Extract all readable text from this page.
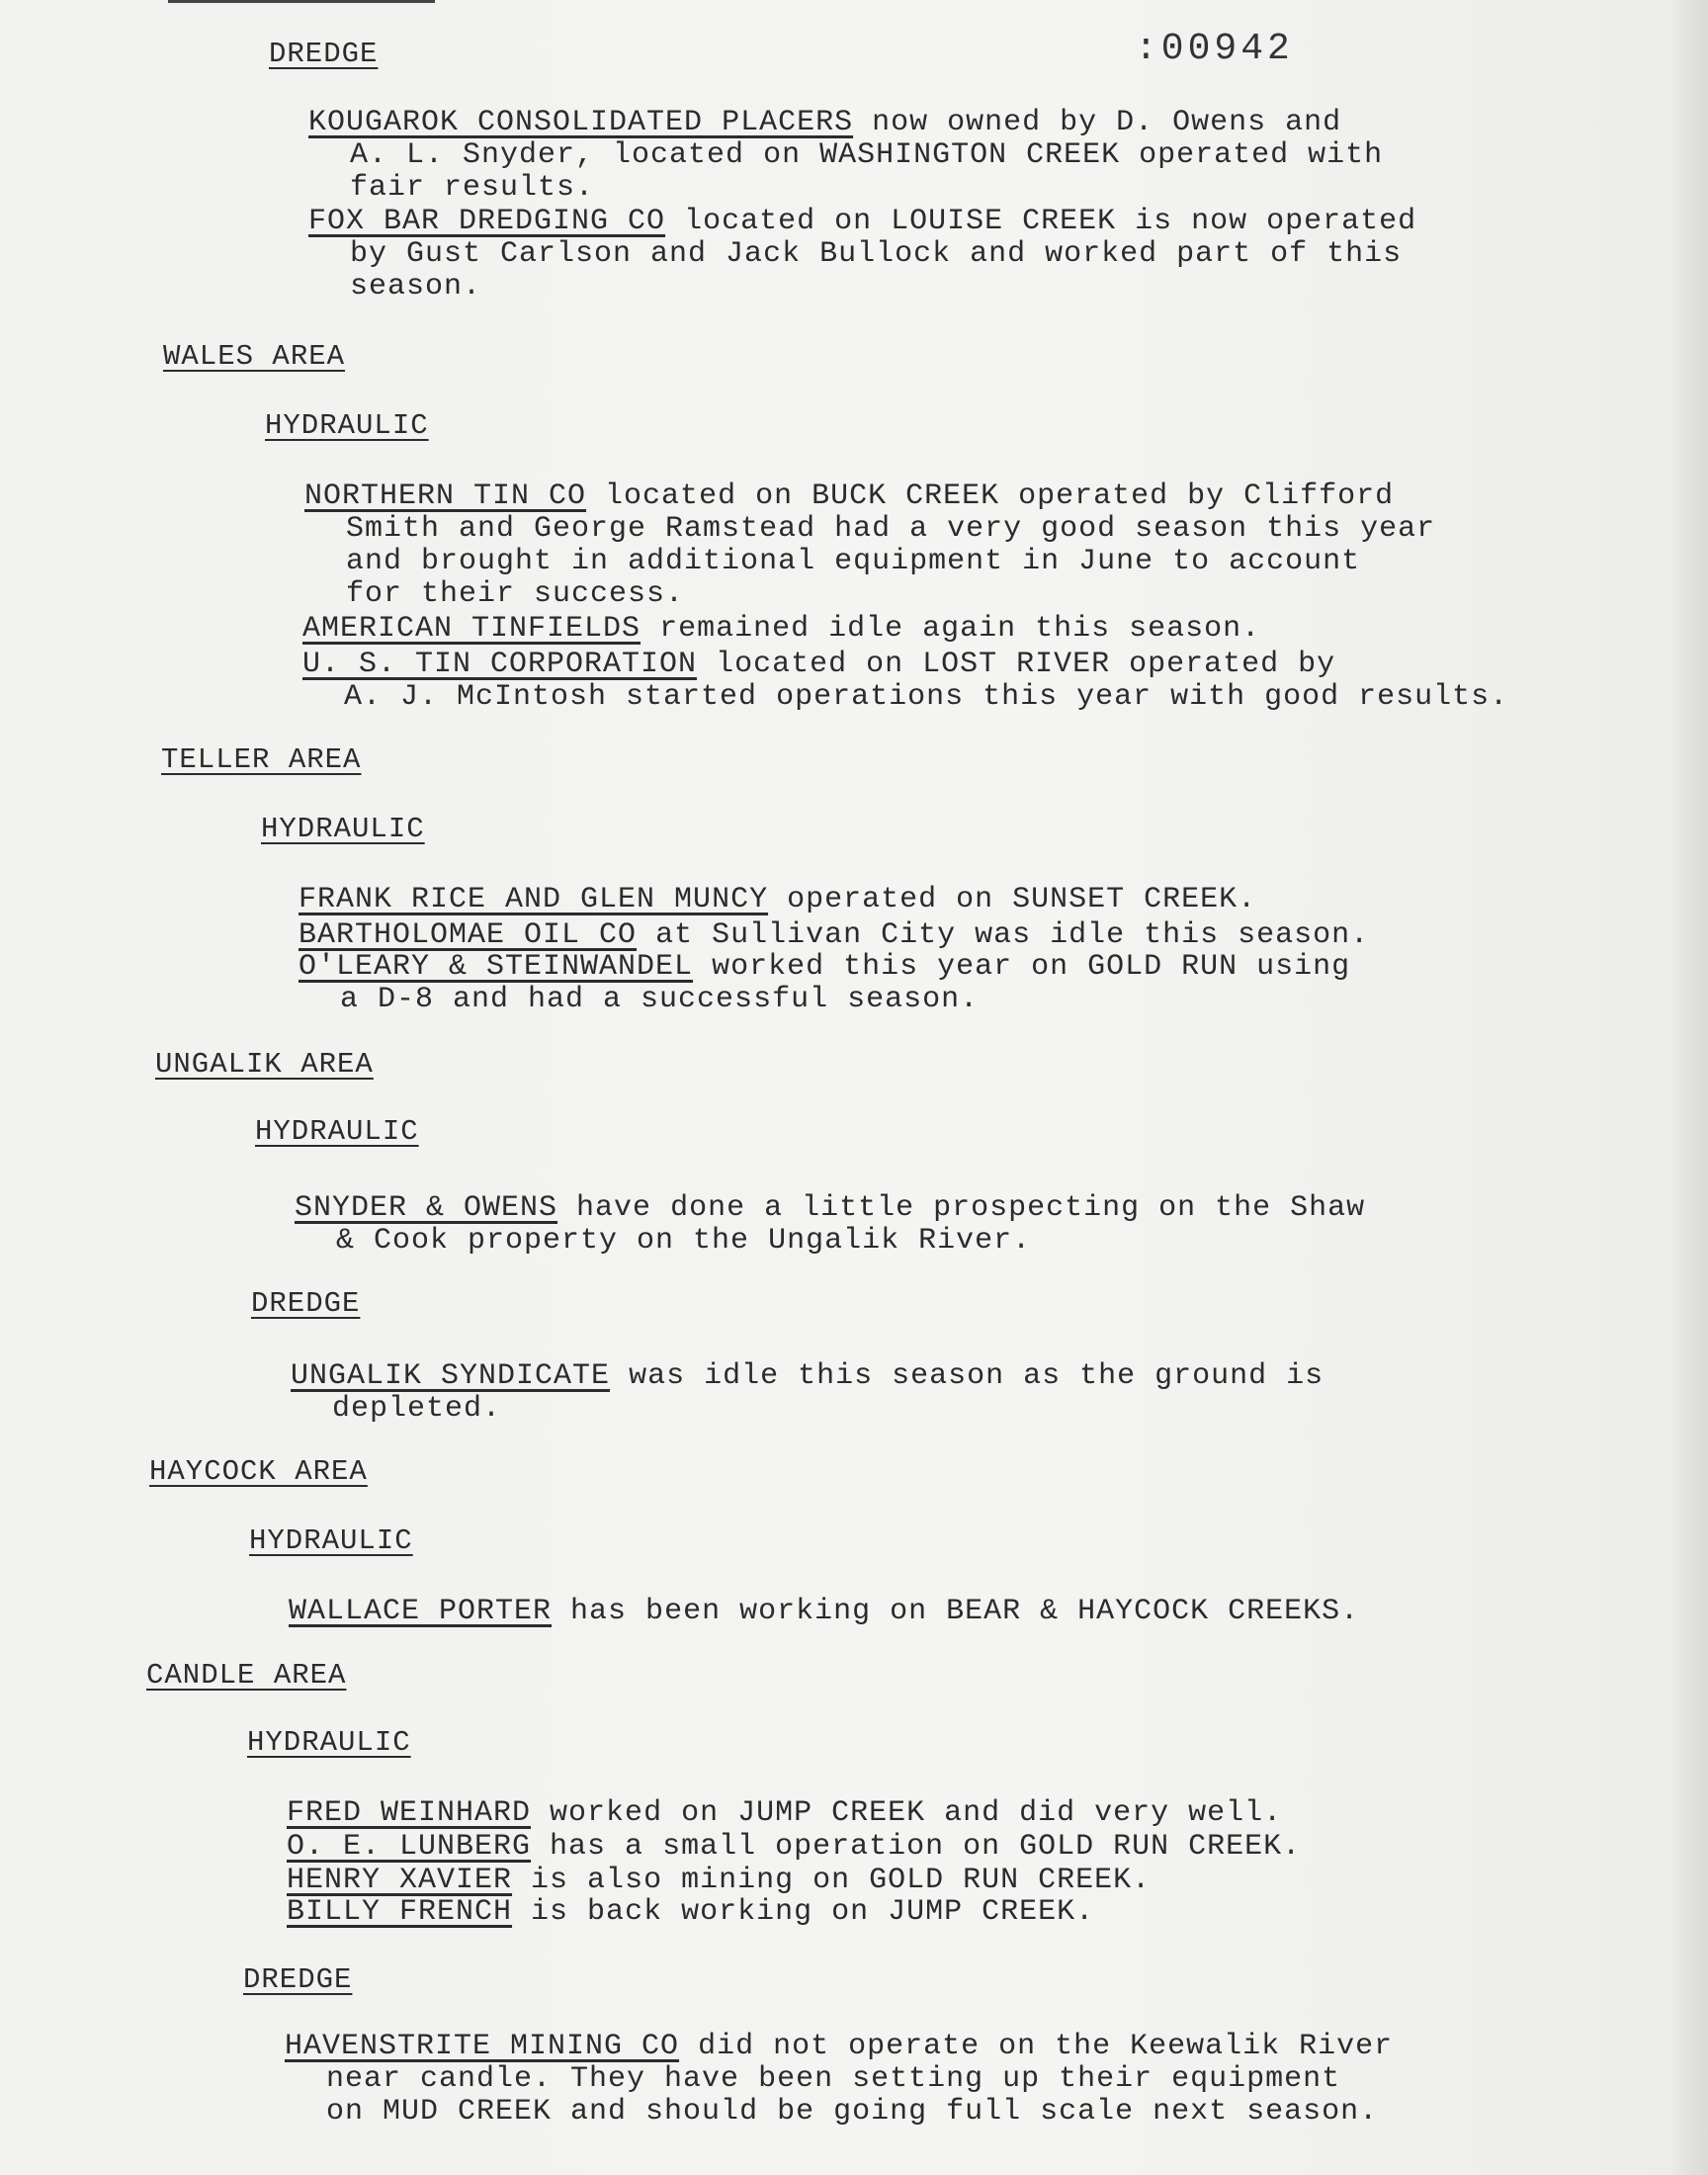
:00942
DREDGE
KOUGAROK CONSOLIDATED PLACERS now owned by D. Owens and
A. L. Snyder, located on WASHINGTON CREEK operated with
fair results.
FOX BAR DREDGING CO located on LOUISE CREEK is now operated
by Gust Carlson and Jack Bullock and worked part of this
season.
WALES AREA
HYDRAULIC
NORTHERN TIN CO located on BUCK CREEK operated by Clifford
Smith and George Ramstead had a very good season this year
and brought in additional equipment in June to account
for their success.
AMERICAN TINFIELDS remained idle again this season.
U. S. TIN CORPORATION located on LOST RIVER operated by
A. J. McIntosh started operations this year with good results.
TELLER AREA
HYDRAULIC
FRANK RICE AND GLEN MUNCY operated on SUNSET CREEK.
BARTHOLOMAE OIL CO at Sullivan City was idle this season.
O'LEARY & STEINWANDEL worked this year on GOLD RUN using
a D-8 and had a successful season.
UNGALIK AREA
HYDRAULIC
SNYDER & OWENS have done a little prospecting on the Shaw
& Cook property on the Ungalik River.
DREDGE
UNGALIK SYNDICATE was idle this season as the ground is
depleted.
HAYCOCK AREA
HYDRAULIC
WALLACE PORTER has been working on BEAR & HAYCOCK CREEKS.
CANDLE AREA
HYDRAULIC
FRED WEINHARD worked on JUMP CREEK and did very well.
O. E. LUNBERG has a small operation on GOLD RUN CREEK.
HENRY XAVIER is also mining on GOLD RUN CREEK.
BILLY FRENCH is back working on JUMP CREEK.
DREDGE
HAVENSTRITE MINING CO did not operate on the Keewalik River
near candle. They have been setting up their equipment
on MUD CREEK and should be going full scale next season.
